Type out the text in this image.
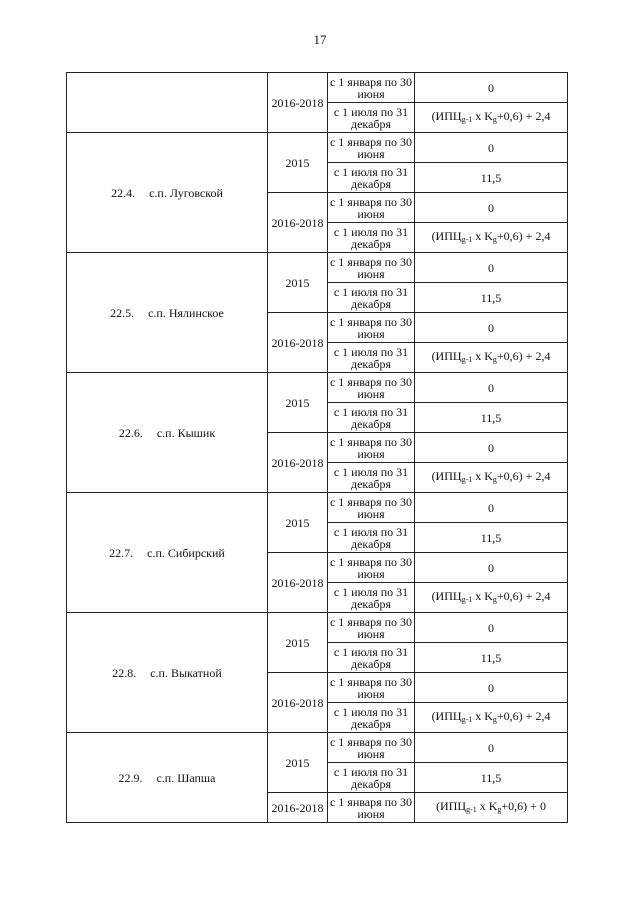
17
	2016-2018	с 1 января по 30 июня	0
		с 1 июля по 31 декабря	($ИПЦ_{g-1}$ x $K_g+0,6) + 2,4$
22.4. с.п. Луговской	2015	с 1 января по 30 июня	0
		с 1 июля по 31 декабря	11,5
	2016-2018	с 1 января по 30 июня	0
		с 1 июля по 31 декабря	($ИПЦ_{g-1}$ x $K_g+0,6) + 2,4$
22.5. с.п. Нялинское	2015	с 1 января по 30 июня	0
		с 1 июля по 31 декабря	11,5
	2016-2018	с 1 января по 30 июня	0
		с 1 июля по 31 декабря	($ИПЦ_{g-1}$ x $K_g+0,6) + 2,4$
22.6. с.п. Кышик	2015	с 1 января по 30 июня	0
		с 1 июля по 31 декабря	11,5
	2016-2018	с 1 января по 30 июня	0
		с 1 июля по 31 декабря	($ИПЦ_{g-1}$ x $K_g+0,6) + 2,4$
22.7. с.п. Сибирский	2015	с 1 января по 30 июня	0
		с 1 июля по 31 декабря	11,5
	2016-2018	с 1 января по 30 июня	0
		с 1 июля по 31 декабря	($ИПЦ_{g-1}$ x $K_g+0,6) + 2,4$
22.8. с.п. Выкатной	2015	с 1 января по 30 июня	0
		с 1 июля по 31 декабря	11,5
	2016-2018	с 1 января по 30 июня	0
		с 1 июля по 31 декабря	($ИПЦ_{g-1}$ x $K_g+0,6) + 2,4$
22.9. с.п. Шапша	2015	с 1 января по 30 июня	0
		с 1 июля по 31 декабря	11,5
	2016-2018	с 1 января по 30 июня	($ИПЦ_{g-1}$ x $K_g+0,6) + 0$
